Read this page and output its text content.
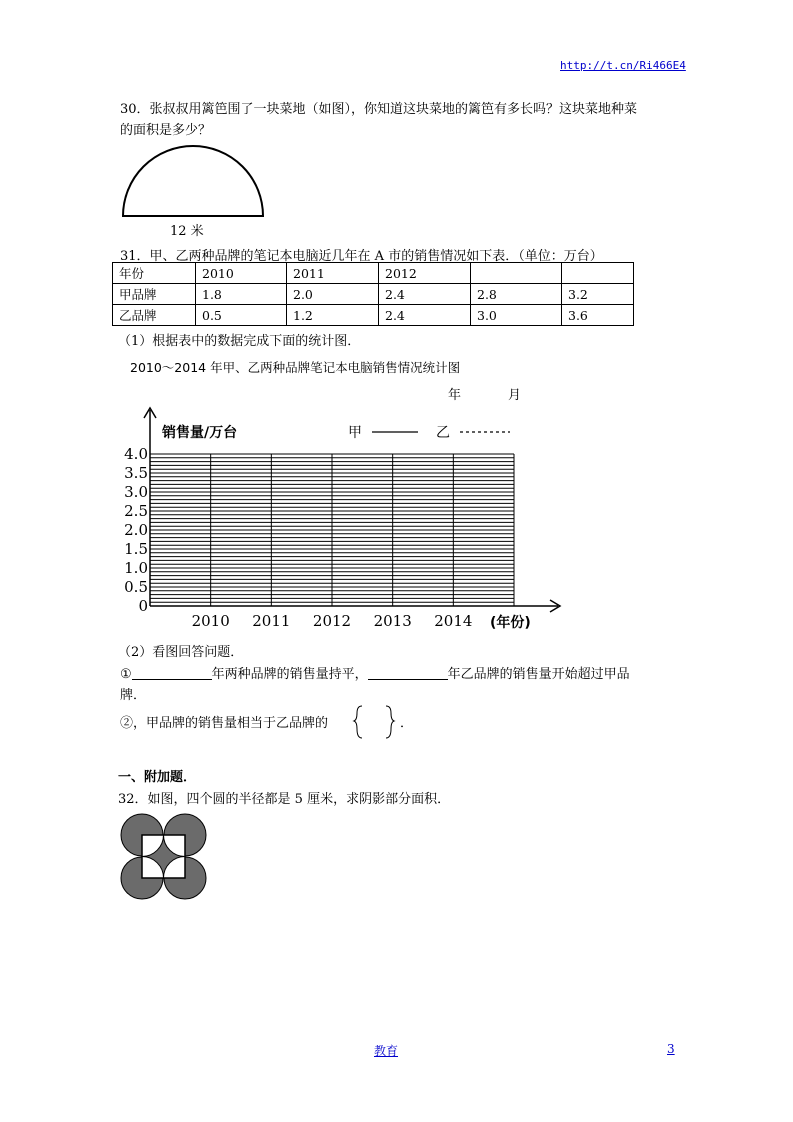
http://t.cn/Ri466E4
30．张叔叔用篱笆围了一块菜地（如图），你知道这块菜地的篱笆有多长吗？这块菜地种菜
的面积是多少？
12 米
31．甲、乙两种品牌的笔记本电脑近几年在 A 市的销售情况如下表．（单位：万台）
年份	2010	2011	2012		
甲品牌	1.8	2.0	2.4	2.8	3.2
乙品牌	0.5	1.2	2.4	3.0	3.6
（1）根据表中的数据完成下面的统计图．
2010～2014 年甲、乙两种品牌笔记本电脑销售情况统计图
年	月
0
0.5
1.0
1.5
2.0
2.5
3.0
3.5
4.0
2010 2011 2012 2013 2014 (年份)
销售量/万台	甲	乙
（2）看图回答问题．
①	年两种品牌的销售量持平，	年乙品牌的销售量开始超过甲品
牌．
②，甲品牌的销售量相当于乙品牌的	．
一、附加题．
32．如图，四个圆的半径都是 5 厘米，求阴影部分面积．
教育	3
